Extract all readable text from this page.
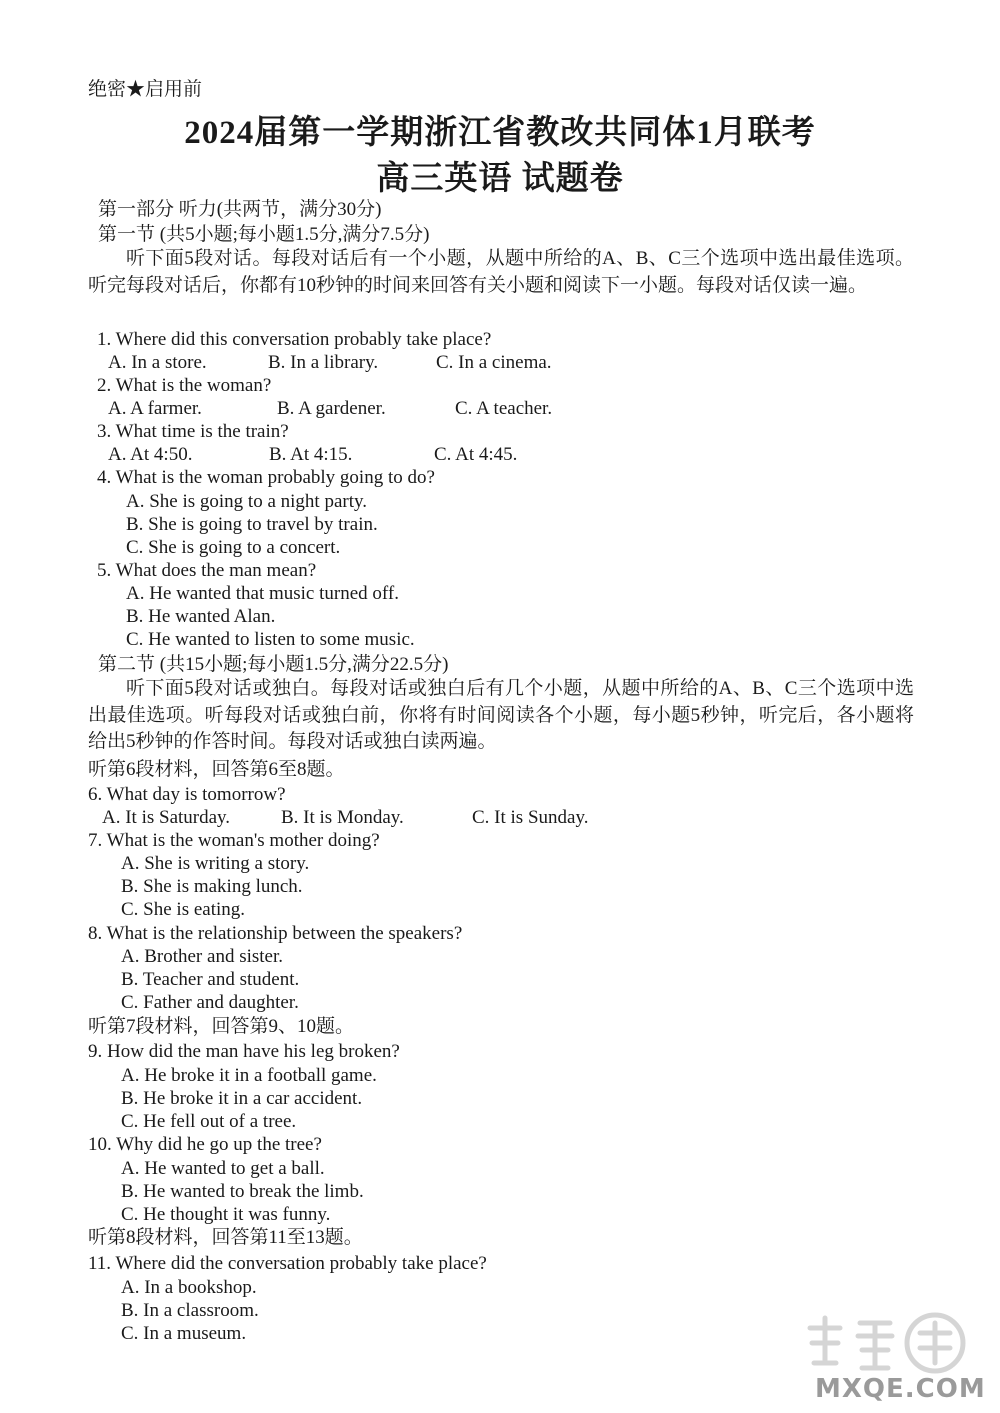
绝密★启用前
2024届第一学期浙江省教改共同体1月联考
高三英语 试题卷
第一部分 听力(共两节，满分30分)
第一节 (共5小题;每小题1.5分,满分7.5分)
听下面5段对话。每段对话后有一个小题，从题中所给的A、B、C三个选项中选出最佳选项。听完每段对话后，你都有10秒钟的时间来回答有关小题和阅读下一小题。每段对话仅读一遍。
1. Where did this conversation probably take place?
A. In a store.	B. In a library.	C. In a cinema.
2. What is the woman?
A. A farmer.	B. A gardener.	C. A teacher.
3. What time is the train?
A. At 4:50.	B. At 4:15.	C. At 4:45.
4. What is the woman probably going to do?
A. She is going to a night party.
B. She is going to travel by train.
C. She is going to a concert.
5. What does the man mean?
A. He wanted that music turned off.
B. He wanted Alan.
C. He wanted to listen to some music.
第二节 (共15小题;每小题1.5分,满分22.5分)
听下面5段对话或独白。每段对话或独白后有几个小题，从题中所给的A、B、C三个选项中选出最佳选项。听每段对话或独白前，你将有时间阅读各个小题，每小题5秒钟，听完后，各小题将给出5秒钟的作答时间。每段对话或独白读两遍。
听第6段材料，回答第6至8题。
6. What day is tomorrow?
A. It is Saturday.	B. It is Monday.	C. It is Sunday.
7. What is the woman's mother doing?
A. She is writing a story.
B. She is making lunch.
C. She is eating.
8. What is the relationship between the speakers?
A. Brother and sister.
B. Teacher and student.
C. Father and daughter.
听第7段材料，回答第9、10题。
9. How did the man have his leg broken?
A. He broke it in a football game.
B. He broke it in a car accident.
C. He fell out of a tree.
10. Why did he go up the tree?
A. He wanted to get a ball.
B. He wanted to break the limb.
C. He thought it was funny.
听第8段材料，回答第11至13题。
11. Where did the conversation probably take place?
A. In a bookshop.
B. In a classroom.
C. In a museum.
MXQE.COM
